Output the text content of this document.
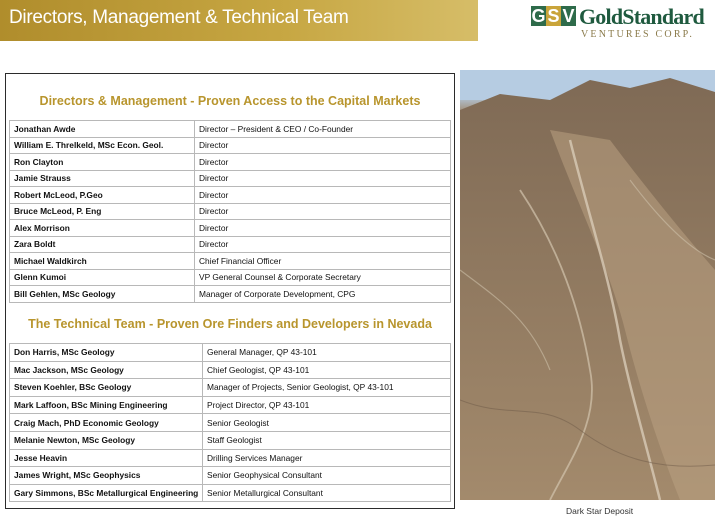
Directors, Management & Technical Team	G S V GoldStandard
VENTURES CORP.
Directors & Management - Proven Access to the Capital Markets
Jonathan Awde	Director – President & CEO / Co-Founder
William E. Threlkeld, MSc Econ. Geol.	Director
Ron Clayton	Director
Jamie Strauss	Director
Robert McLeod, P.Geo	Director
Bruce McLeod, P. Eng	Director
Alex Morrison	Director
Zara Boldt	Director
Michael Waldkirch	Chief Financial Officer
Glenn Kumoi	VP General Counsel & Corporate Secretary
Bill Gehlen, MSc Geology	Manager of Corporate Development, CPG
The Technical Team - Proven Ore Finders and Developers in Nevada
Don Harris, MSc Geology	General Manager, QP 43-101
Mac Jackson, MSc Geology	Chief Geologist, QP 43-101
Steven Koehler, BSc Geology	Manager of Projects, Senior Geologist, QP 43-101
Mark Laffoon, BSc Mining Engineering	Project Director, QP 43-101
Craig Mach, PhD Economic Geology	Senior Geologist
Melanie Newton, MSc Geology	Staff Geologist
Jesse Heavin	Drilling Services Manager
James Wright, MSc Geophysics	Senior Geophysical Consultant
Gary Simmons, BSc Metallurgical Engineering	Senior Metallurgical Consultant
Dark Star Deposit
